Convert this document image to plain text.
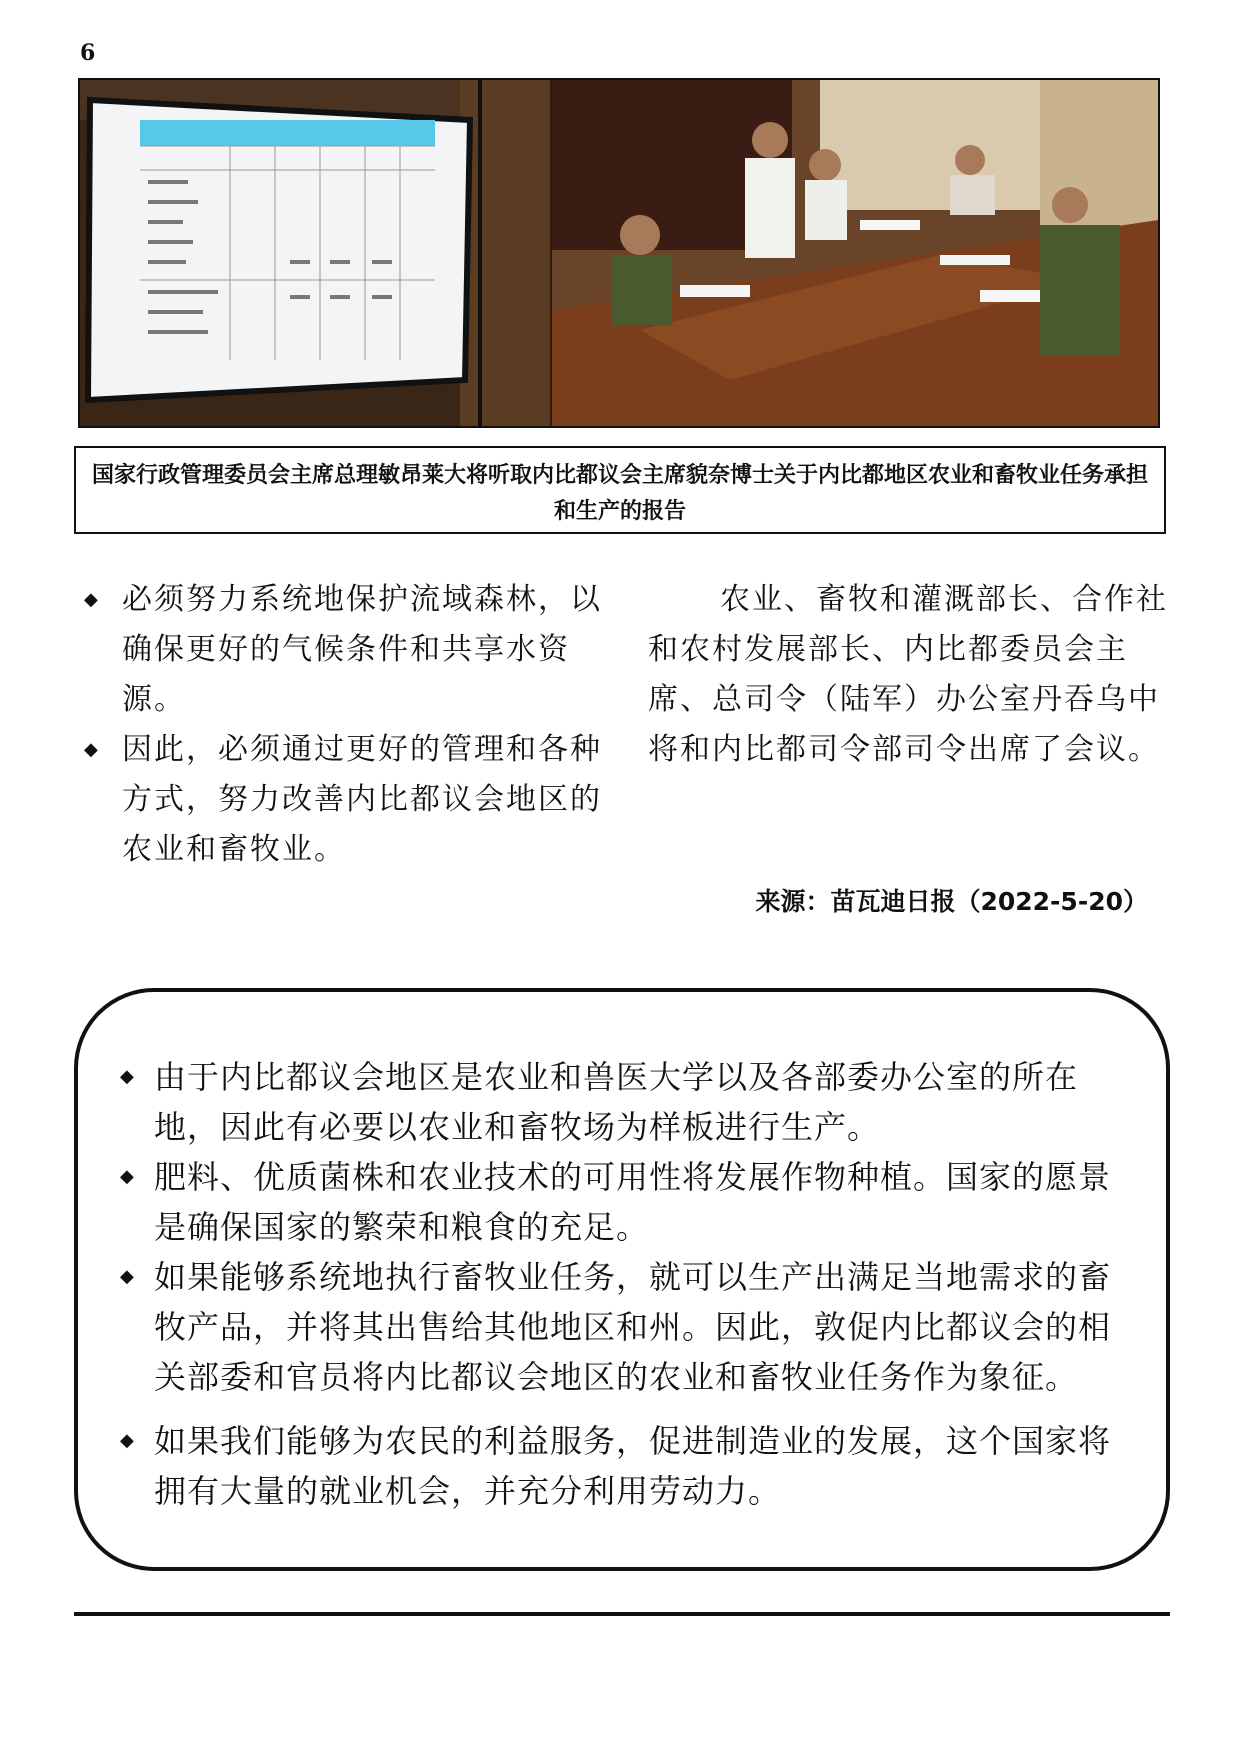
6
国家行政管理委员会主席总理敏昂莱大将听取内比都议会主席貌奈博士关于内比都地区农业和畜牧业任务承担和生产的报告
◆ 必须努力系统地保护流域森林，以确保更好的气候条件和共享水资源。
◆ 因此，必须通过更好的管理和各种方式，努力改善内比都议会地区的农业和畜牧业。

农业、畜牧和灌溉部长、合作社和农村发展部长、内比都委员会主席、总司令（陆军）办公室丹吞乌中将和内比都司令部司令出席了会议。

来源：苗瓦迪日报（2022-5-20）
◆ 由于内比都议会地区是农业和兽医大学以及各部委办公室的所在地，因此有必要以农业和畜牧场为样板进行生产。
◆ 肥料、优质菌株和农业技术的可用性将发展作物种植。国家的愿景是确保国家的繁荣和粮食的充足。
◆ 如果能够系统地执行畜牧业任务，就可以生产出满足当地需求的畜牧产品，并将其出售给其他地区和州。因此，敦促内比都议会的相关部委和官员将内比都议会地区的农业和畜牧业任务作为象征。
◆ 如果我们能够为农民的利益服务，促进制造业的发展，这个国家将拥有大量的就业机会，并充分利用劳动力。
